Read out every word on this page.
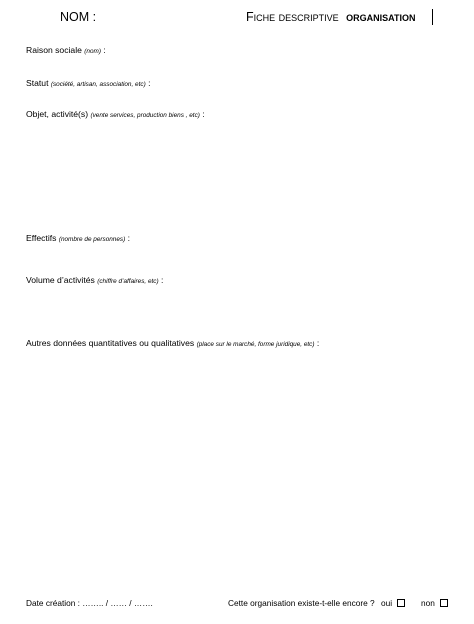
NOM :	Fiche descriptive organisation
Raison sociale (nom) :
Statut (société, artisan, association, etc) :
Objet, activité(s) (vente services, production biens , etc) :
Effectifs (nombre de personnes) :
Volume d’activités (chiffre d’affaires, etc) :
Autres données quantitatives ou qualitatives (place sur le marché, forme juridique, etc) :
Date création : …….. / …… / …….	Cette organisation existe-t-elle encore ? oui	non
